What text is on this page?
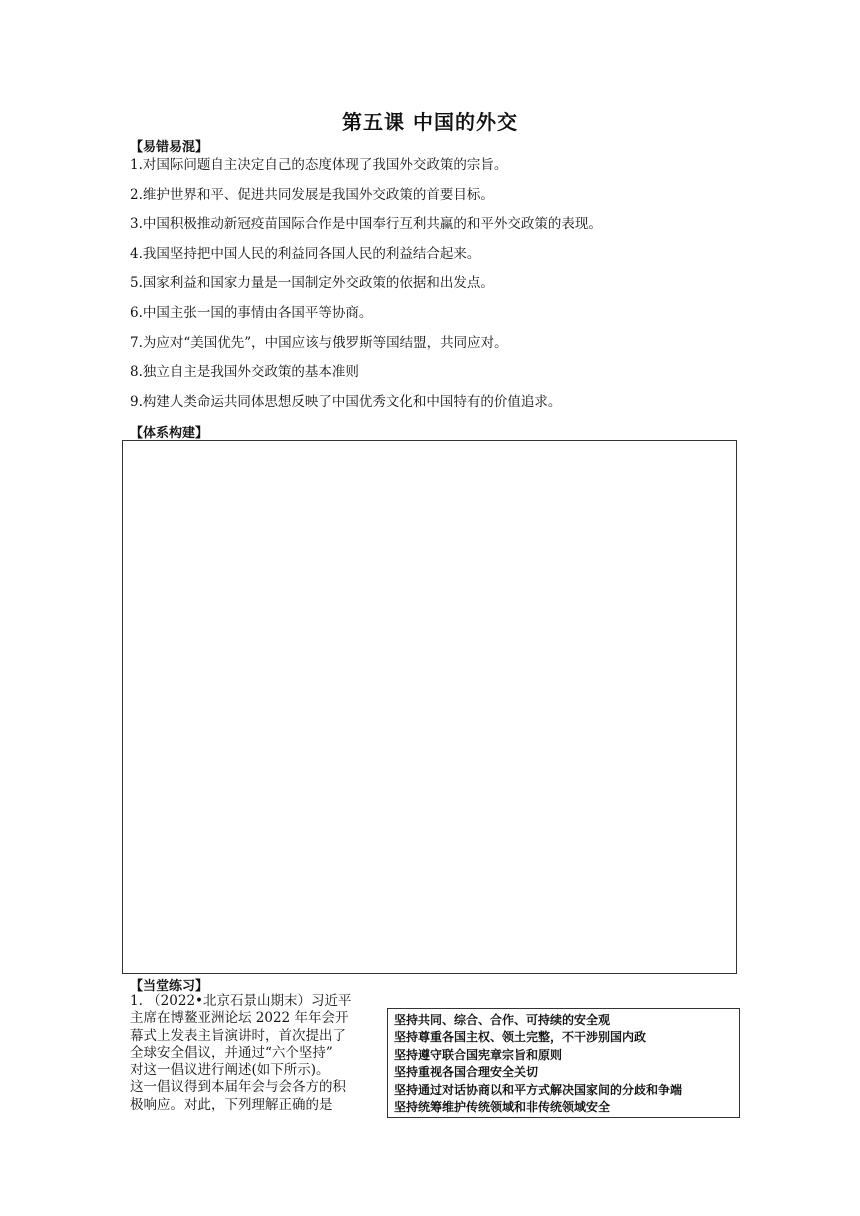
第五课 中国的外交
【易错易混】
1.对国际问题自主决定自己的态度体现了我国外交政策的宗旨。
2.维护世界和平、促进共同发展是我国外交政策的首要目标。
3.中国积极推动新冠疫苗国际合作是中国奉行互利共赢的和平外交政策的表现。
4.我国坚持把中国人民的利益同各国人民的利益结合起来。
5.国家利益和国家力量是一国制定外交政策的依据和出发点。
6.中国主张一国的事情由各国平等协商。
7.为应对“美国优先”，中国应该与俄罗斯等国结盟，共同应对。
8.独立自主是我国外交政策的基本准则
9.构建人类命运共同体思想反映了中国优秀文化和中国特有的价值追求。
【体系构建】
【当堂练习】
1. （2022•北京石景山期末）习近平
主席在博鳌亚洲论坛 2022 年年会开
幕式上发表主旨演讲时，首次提出了
全球安全倡议，并通过“六个坚持”
对这一倡议进行阐述(如下所示)。
这一倡议得到本届年会与会各方的积
极响应。对此，下列理解正确的是
坚持共同、综合、合作、可持续的安全观
坚持尊重各国主权、领土完整，不干涉别国内政
坚持遵守联合国宪章宗旨和原则
坚持重视各国合理安全关切
坚持通过对话协商以和平方式解决国家间的分歧和争端
坚持统筹维护传统领域和非传统领域安全
